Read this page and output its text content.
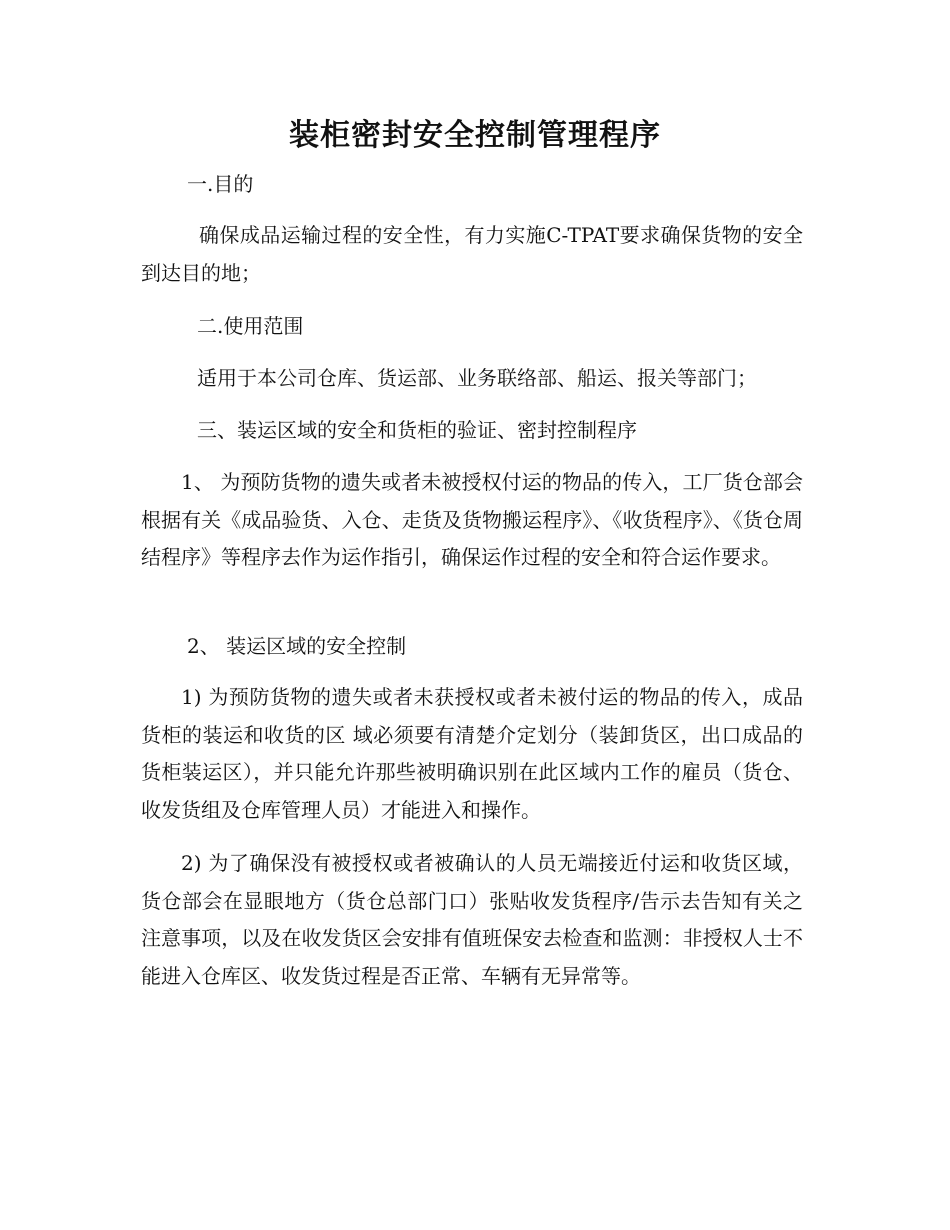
装柜密封安全控制管理程序

一.目的

确保成品运输过程的安全性，有力实施C-TPAT要求确保货物的安全到达目的地；

二.使用范围

适用于本公司仓库、货运部、业务联络部、船运、报关等部门；

三、装运区域的安全和货柜的验证、密封控制程序

1、 为预防货物的遗失或者未被授权付运的物品的传入，工厂货仓部会根据有关《成品验货、入仓、走货及货物搬运程序》、《收货程序》、《货仓周结程序》等程序去作为运作指引，确保运作过程的安全和符合运作要求。

2、 装运区域的安全控制

1) 为预防货物的遗失或者未获授权或者未被付运的物品的传入，成品货柜的装运和收货的区 域必须要有清楚介定划分（装卸货区，出口成品的货柜装运区），并只能允许那些被明确识别在此区域内工作的雇员（货仓、收发货组及仓库管理人员）才能进入和操作。

2) 为了确保没有被授权或者被确认的人员无端接近付运和收货区域，货仓部会在显眼地方（货仓总部门口）张贴收发货程序/告示去告知有关之注意事项，以及在收发货区会安排有值班保安去检查和监测：非授权人士不能进入仓库区、收发货过程是否正常、车辆有无异常等。
